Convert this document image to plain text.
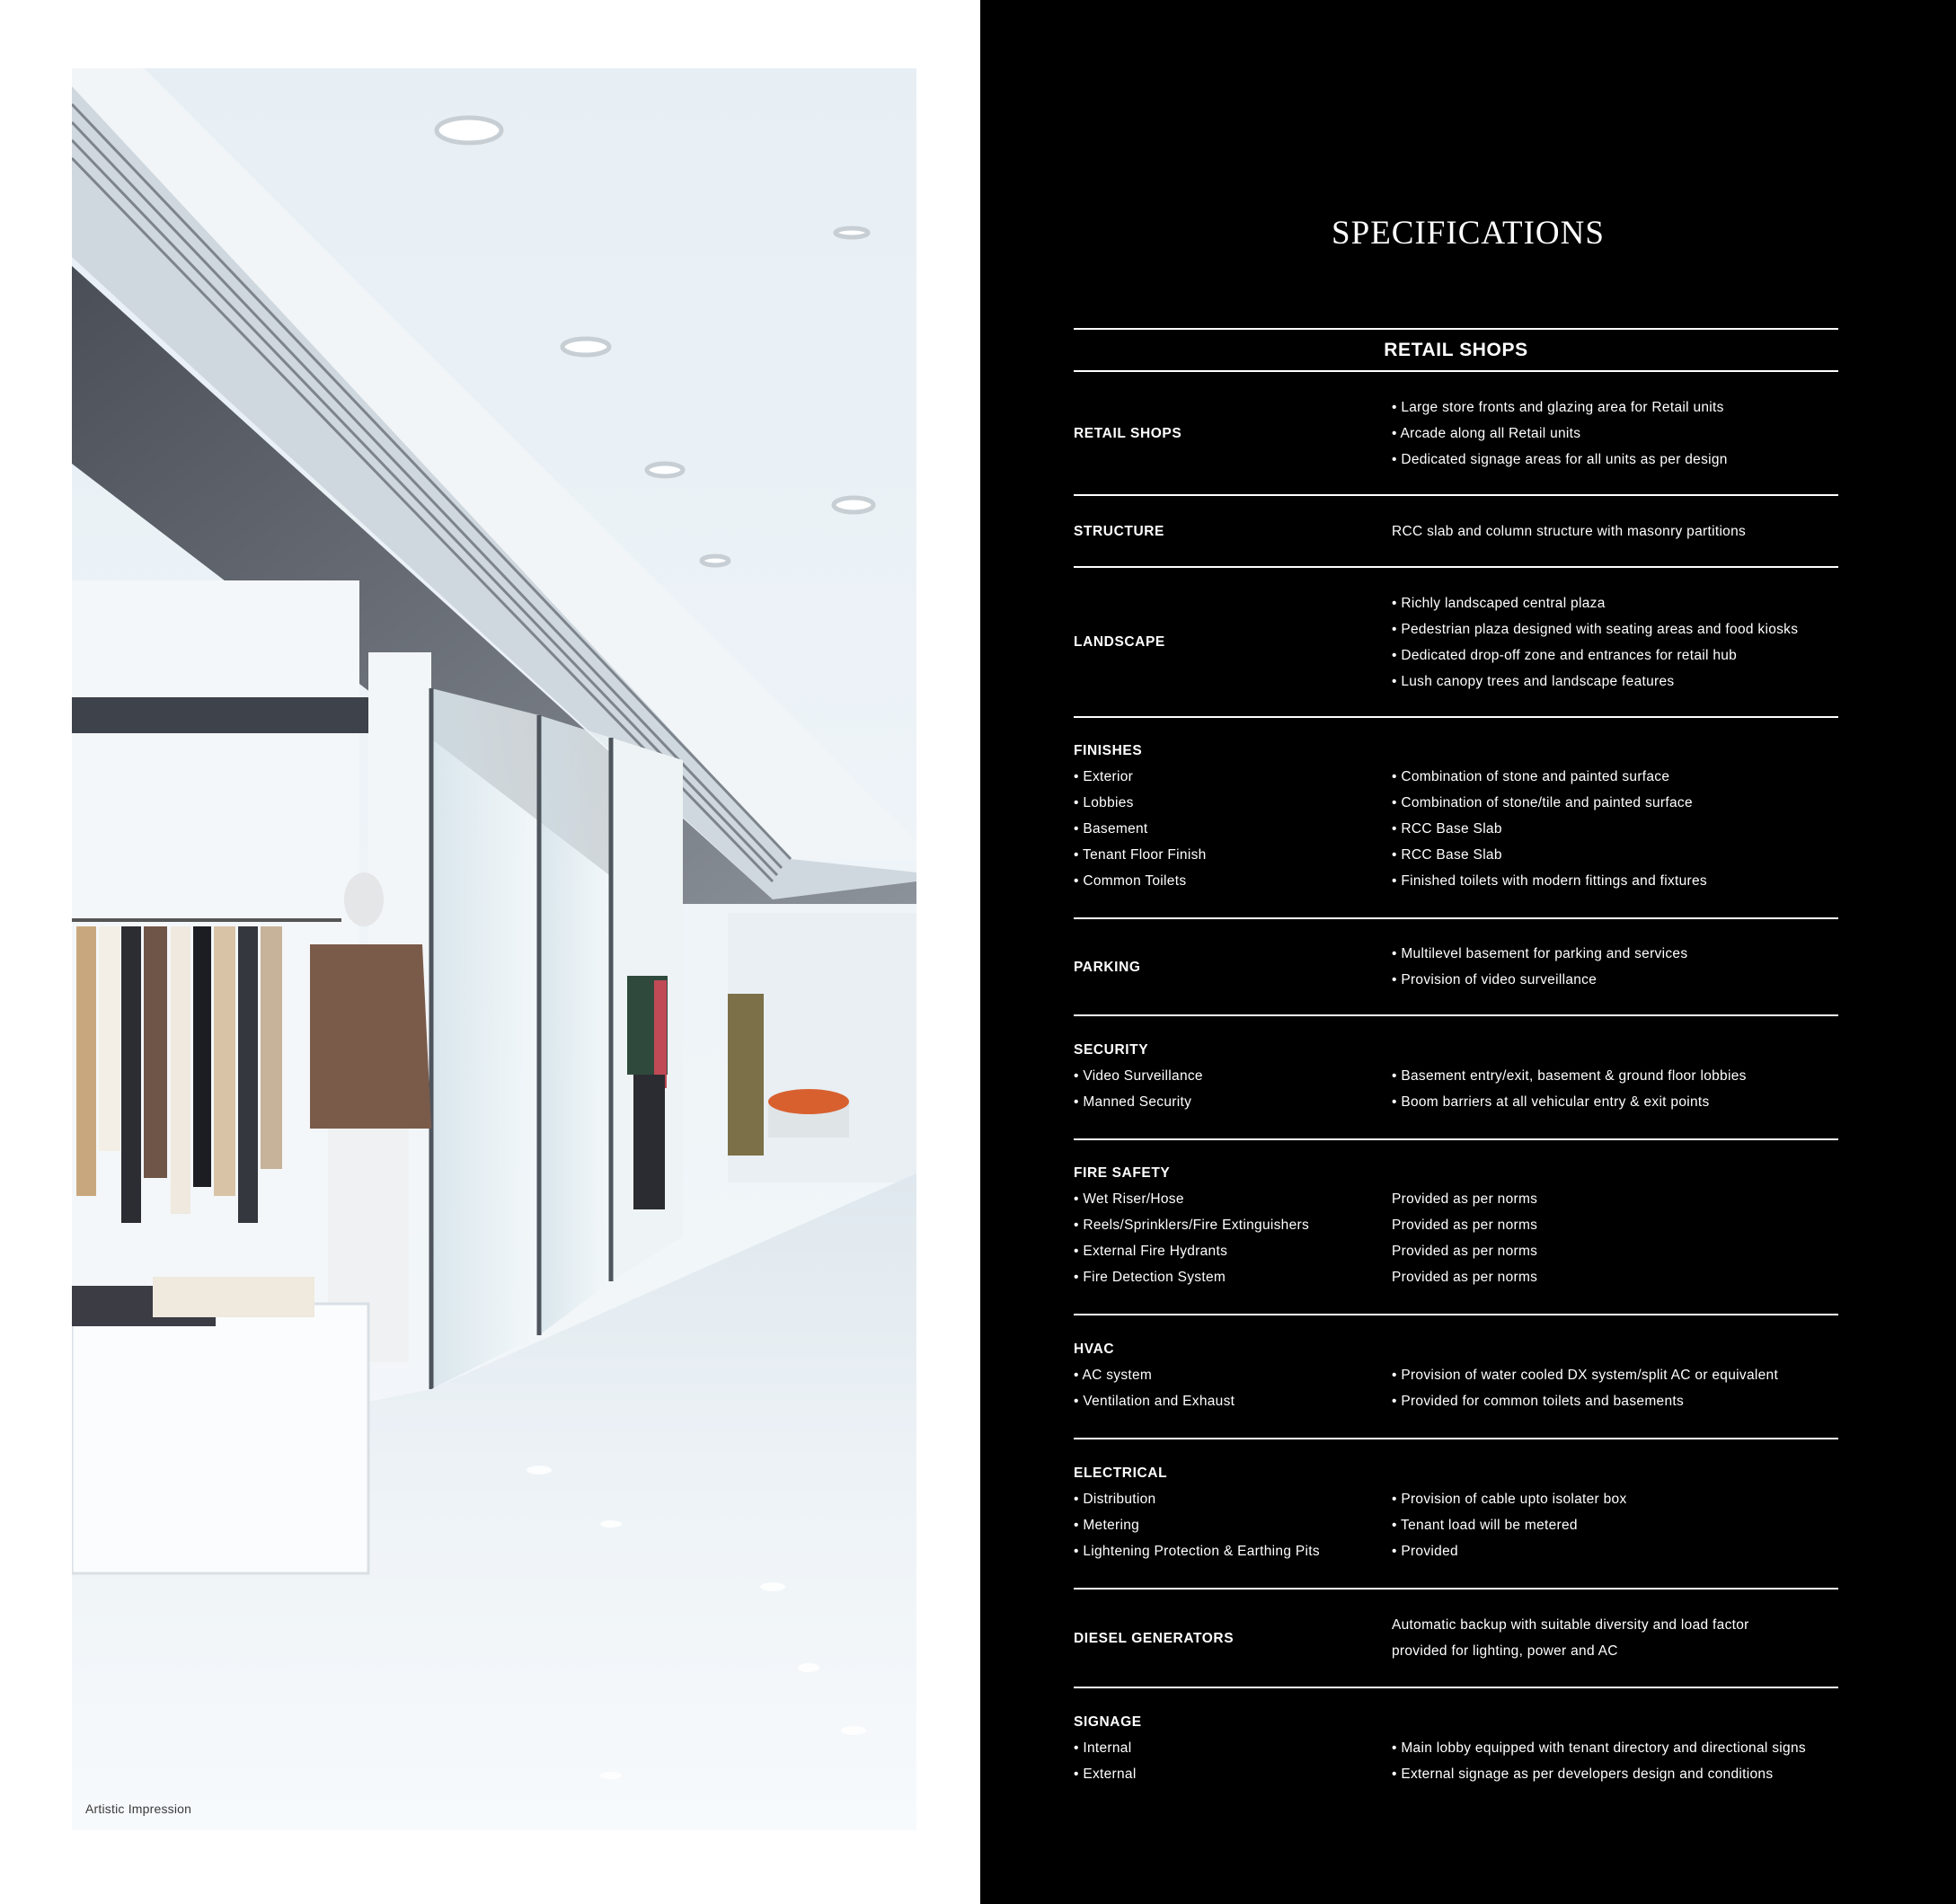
Artistic Impression
SPECIFICATIONS
RETAIL SHOPS
RETAIL SHOPS
• Large store fronts and glazing area for Retail units
• Arcade along all Retail units
• Dedicated signage areas for all units as per design
STRUCTURE	RCC slab and column structure with masonry partitions
LANDSCAPE
• Richly landscaped central plaza
• Pedestrian plaza designed with seating areas and food kiosks
• Dedicated drop-off zone and entrances for retail hub
• Lush canopy trees and landscape features
FINISHES
• Exterior
• Lobbies
• Basement
• Tenant Floor Finish
• Common Toilets
• Combination of stone and painted surface
• Combination of stone/tile and painted surface
• RCC Base Slab
• RCC Base Slab
• Finished toilets with modern fittings and fixtures
PARKING
• Multilevel basement for parking and services
• Provision of video surveillance
SECURITY
• Video Surveillance
• Manned Security
• Basement entry/exit, basement & ground floor lobbies
• Boom barriers at all vehicular entry & exit points
FIRE SAFETY
• Wet Riser/Hose
• Reels/Sprinklers/Fire Extinguishers
• External Fire Hydrants
• Fire Detection System
Provided as per norms
Provided as per norms
Provided as per norms
Provided as per norms
HVAC
• AC system
• Ventilation and Exhaust
• Provision of water cooled DX system/split AC or equivalent
• Provided for common toilets and basements
ELECTRICAL
• Distribution
• Metering
• Lightening Protection & Earthing Pits
• Provision of cable upto isolater box
• Tenant load will be metered
• Provided
DIESEL GENERATORS
Automatic backup with suitable diversity and load factor
provided for lighting, power and AC
SIGNAGE
• Internal
• External
• Main lobby equipped with tenant directory and directional signs
• External signage as per developers design and conditions
